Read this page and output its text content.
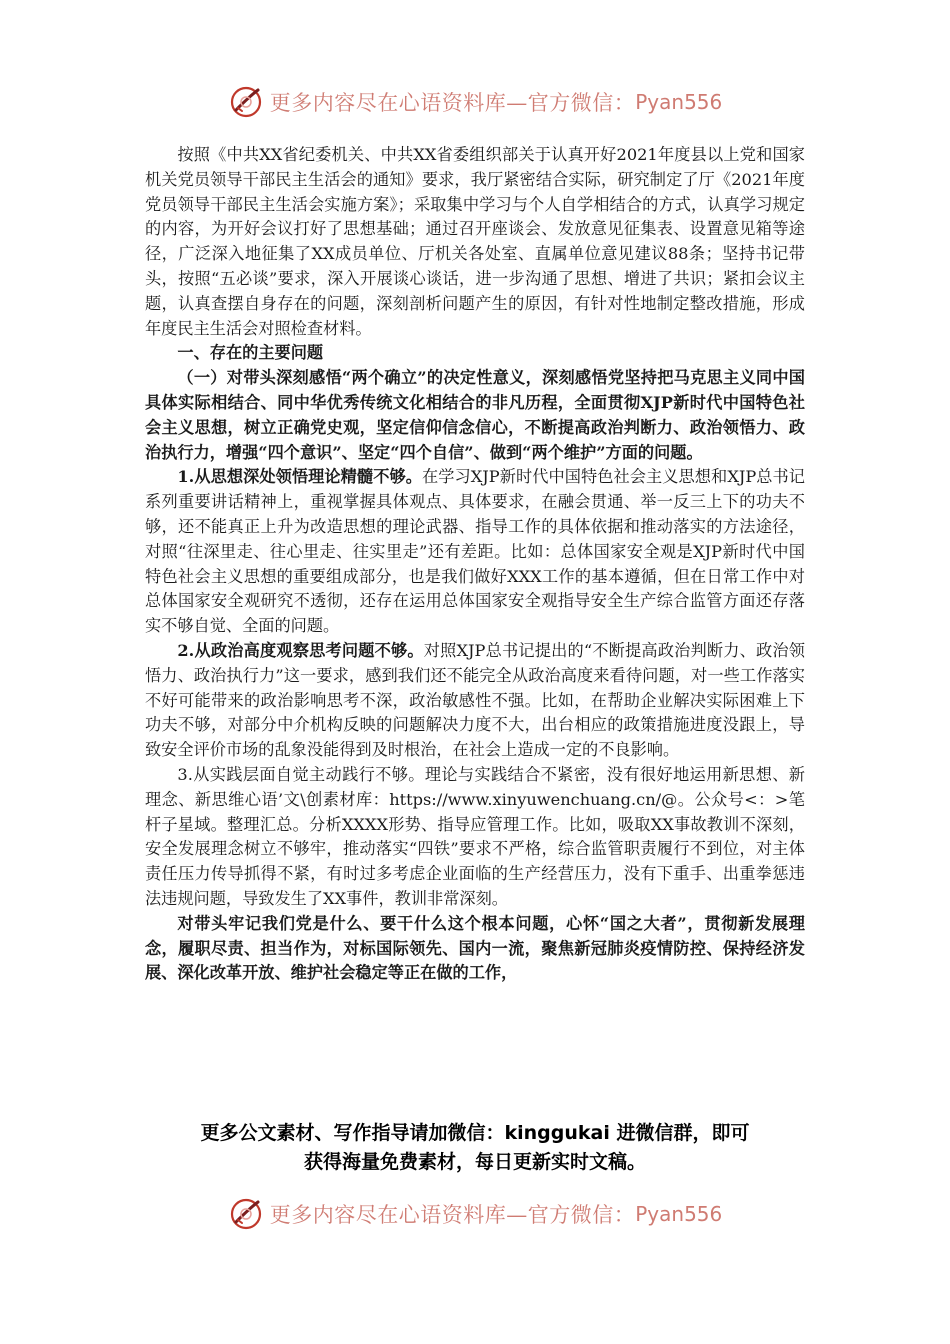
更多内容尽在心语资料库—官方微信： Pyan556

按照《中共XX省纪委机关、中共XX省委组织部关于认真开好2021年度县以上党和国家机关党员领导干部民主生活会的通知》要求，我厅紧密结合实际，研究制定了厅《2021年度党员领导干部民主生活会实施方案》；采取集中学习与个人自学相结合的方式，认真学习规定的内容，为开好会议打好了思想基础；通过召开座谈会、发放意见征集表、设置意见箱等途径，广泛深入地征集了XX成员单位、厅机关各处室、直属单位意见建议88条；坚持书记带头，按照“五必谈”要求，深入开展谈心谈话，进一步沟通了思想、增进了共识；紧扣会议主题，认真查摆自身存在的问题，深刻剖析问题产生的原因，有针对性地制定整改措施，形成年度民主生活会对照检查材料。

一、存在的主要问题

（一）对带头深刻感悟“两个确立”的决定性意义，深刻感悟党坚持把马克思主义同中国具体实际相结合、同中华优秀传统文化相结合的非凡历程，全面贯彻XJP新时代中国特色社会主义思想，树立正确党史观，坚定信仰信念信心，不断提高政治判断力、政治领悟力、政治执行力，增强“四个意识”、坚定“四个自信”、做到“两个维护”方面的问题。

1.从思想深处领悟理论精髓不够。在学习XJP新时代中国特色社会主义思想和XJP总书记系列重要讲话精神上，重视掌握具体观点、具体要求，在融会贯通、举一反三上下的功夫不够，还不能真正上升为改造思想的理论武器、指导工作的具体依据和推动落实的方法途径，对照“往深里走、往心里走、往实里走”还有差距。比如：总体国家安全观是XJP新时代中国特色社会主义思想的重要组成部分，也是我们做好XXX工作的基本遵循，但在日常工作中对总体国家安全观研究不透彻，还存在运用总体国家安全观指导安全生产综合监管方面还存落实不够自觉、全面的问题。

2.从政治高度观察思考问题不够。对照XJP总书记提出的“不断提高政治判断力、政治领悟力、政治执行力”这一要求，感到我们还不能完全从政治高度来看待问题，对一些工作落实不好可能带来的政治影响思考不深，政治敏感性不强。比如，在帮助企业解决实际困难上下功夫不够，对部分中介机构反映的问题解决力度不大，出台相应的政策措施进度没跟上，导致安全评价市场的乱象没能得到及时根治，在社会上造成一定的不良影响。

3.从实践层面自觉主动践行不够。理论与实践结合不紧密，没有很好地运用新思想、新理念、新思维心语’文\创素材库：https://www.xinyuwenchuang.cn/@。公众号<：>笔杆子星域。整理汇总。分析XXXX形势、指导应管理工作。比如，吸取XX事故教训不深刻，安全发展理念树立不够牢，推动落实“四铁”要求不严格，综合监管职责履行不到位，对主体责任压力传导抓得不紧，有时过多考虑企业面临的生产经营压力，没有下重手、出重拳惩违法违规问题，导致发生了XX事件，教训非常深刻。

对带头牢记我们党是什么、要干什么这个根本问题，心怀“国之大者”，贯彻新发展理念，履职尽责、担当作为，对标国际领先、国内一流，聚焦新冠肺炎疫情防控、保持经济发展、深化改革开放、维护社会稳定等正在做的工作，

更多公文素材、写作指导请加微信：kinggukai 进微信群，即可
获得海量免费素材，每日更新实时文稿。
更多内容尽在心语资料库—官方微信： Pyan556
